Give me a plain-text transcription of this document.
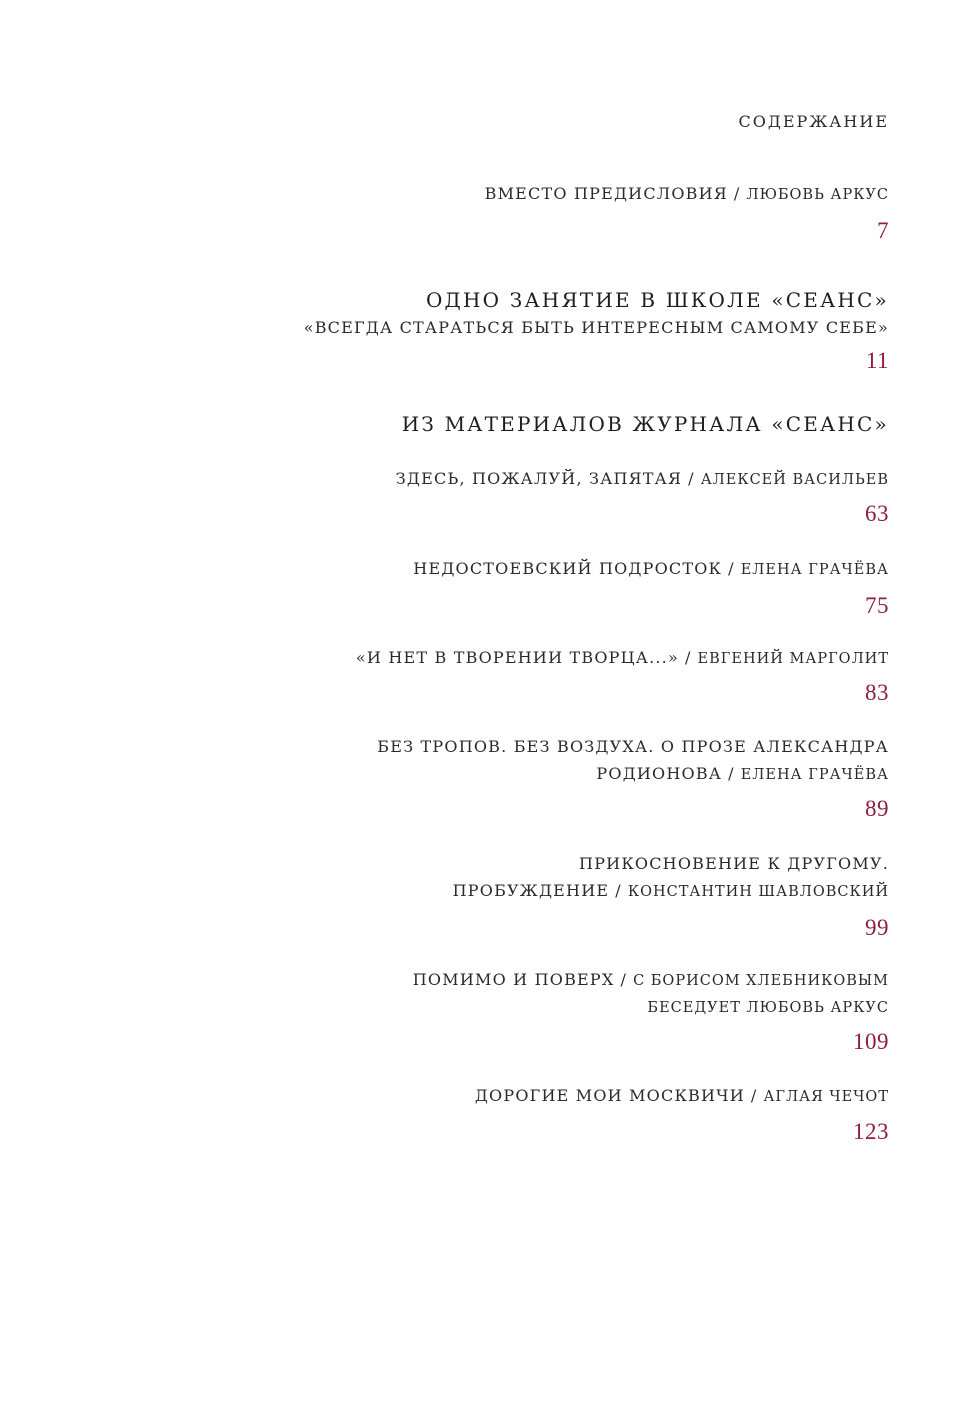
СОДЕРЖАНИЕ
ВМЕСТО ПРЕДИСЛОВИЯ / ЛЮБОВЬ АРКУС
7
ОДНО ЗАНЯТИЕ В ШКОЛЕ «СЕАНС»
«ВСЕГДА СТАРАТЬСЯ БЫТЬ ИНТЕРЕСНЫМ САМОМУ СЕБЕ»
11
ИЗ МАТЕРИАЛОВ ЖУРНАЛА «СЕАНС»
ЗДЕСЬ, ПОЖАЛУЙ, ЗАПЯТАЯ / АЛЕКСЕЙ ВАСИЛЬЕВ
63
НЕДОСТОЕВСКИЙ ПОДРОСТОК / ЕЛЕНА ГРАЧЁВА
75
«И НЕТ В ТВОРЕНИИ ТВОРЦА...» / ЕВГЕНИЙ МАРГОЛИТ
83
БЕЗ ТРОПОВ. БЕЗ ВОЗДУХА. О ПРОЗЕ АЛЕКСАНДРА
РОДИОНОВА / ЕЛЕНА ГРАЧЁВА
89
ПРИКОСНОВЕНИЕ К ДРУГОМУ.
ПРОБУЖДЕНИЕ / КОНСТАНТИН ШАВЛОВСКИЙ
99
ПОМИМО И ПОВЕРХ / С БОРИСОМ ХЛЕБНИКОВЫМ
БЕСЕДУЕТ ЛЮБОВЬ АРКУС
109
ДОРОГИЕ МОИ МОСКВИЧИ / АГЛАЯ ЧЕЧОТ
123
